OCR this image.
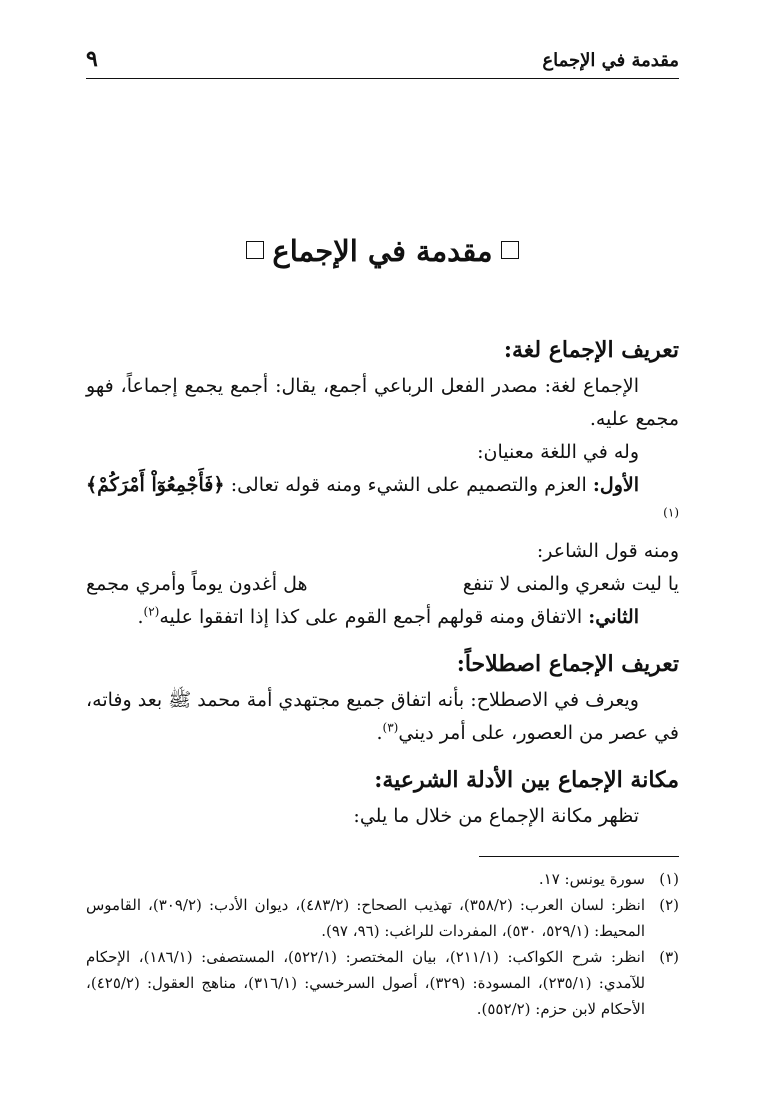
مقدمة في الإجماع
٩
مقدمة في الإجماع

تعريف الإجماع لغة:

الإجماع لغة: مصدر الفعل الرباعي أجمع، يقال: أجمع يجمع إجماعاً، فهو مجمع عليه.

وله في اللغة معنيان:

الأول: العزم والتصميم على الشيء ومنه قوله تعالى: ﴿فَأَجْمِعُوٓاْ أَمْرَكُمْ﴾$^{(١)}$

ومنه قول الشاعر:

يا ليت شعري والمنى لا تنفع
هل أغدون يوماً وأمري مجمع

الثاني: الاتفاق ومنه قولهم أجمع القوم على كذا إذا اتفقوا عليه$^{(٢)}$.

تعريف الإجماع اصطلاحاً:

ويعرف في الاصطلاح: بأنه اتفاق جميع مجتهدي أمة محمد ﷺ بعد وفاته، في عصر من العصور، على أمر ديني$^{(٣)}$.

مكانة الإجماع بين الأدلة الشرعية:

تظهر مكانة الإجماع من خلال ما يلي:

(١)
سورة يونس: ١٧.

(٢)
انظر: لسان العرب: (٣٥٨/٢)، تهذيب الصحاح: (٤٨٣/٢)، ديوان الأدب: (٣٠٩/٢)، القاموس المحيط: (٥٢٩/١، ٥٣٠)، المفردات للراغب: (٩٦، ٩٧).

(٣)
انظر: شرح الكواكب: (٢١١/١)، بيان المختصر: (٥٢٢/١)، المستصفى: (١٨٦/١)، الإحكام للآمدي: (٢٣٥/١)، المسودة: (٣٢٩)، أصول السرخسي: (٣١٦/١)، مناهج العقول: (٤٢٥/٢)، الأحكام لابن حزم: (٥٥٢/٢).
